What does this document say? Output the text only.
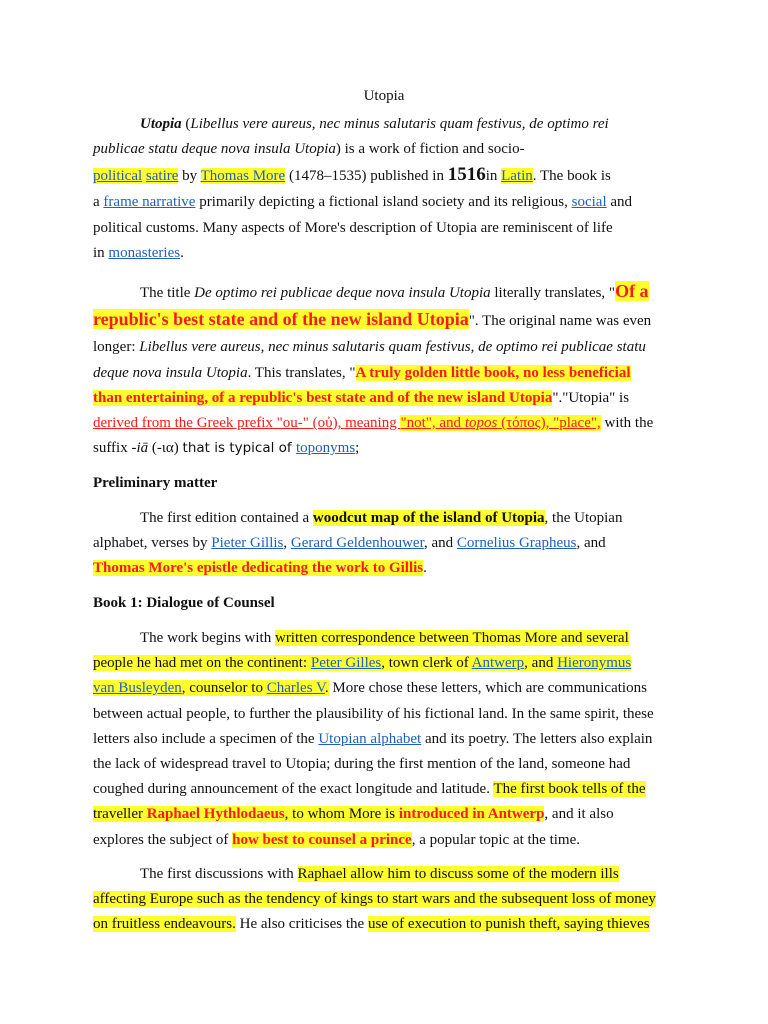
Utopia
Utopia (Libellus vere aureus, nec minus salutaris quam festivus, de optimo rei
publicae statu deque nova insula Utopia) is a work of fiction and socio-
political satire by Thomas More (1478–1535) published in 1516in Latin. The book is
a frame narrative primarily depicting a fictional island society and its religious, social and
political customs. Many aspects of More's description of Utopia are reminiscent of life
in monasteries.
The title De optimo rei publicae deque nova insula Utopia literally translates, "Of a
republic's best state and of the new island Utopia". The original name was even
longer: Libellus vere aureus, nec minus salutaris quam festivus, de optimo rei publicae statu
deque nova insula Utopia. This translates, "A truly golden little book, no less beneficial
than entertaining, of a republic's best state and of the new island Utopia"."Utopia" is
derived from the Greek prefix "ou-" (οὐ), meaning "not", and topos (τόπος), "place", with the
suffix -iā (-ια) that is typical of toponyms;
Preliminary matter
The first edition contained a woodcut map of the island of Utopia, the Utopian
alphabet, verses by Pieter Gillis, Gerard Geldenhouwer, and Cornelius Grapheus, and
Thomas More's epistle dedicating the work to Gillis.
Book 1: Dialogue of Counsel
The work begins with written correspondence between Thomas More and several
people he had met on the continent: Peter Gilles, town clerk of Antwerp, and Hieronymus
van Busleyden, counselor to Charles V. More chose these letters, which are communications
between actual people, to further the plausibility of his fictional land. In the same spirit, these
letters also include a specimen of the Utopian alphabet and its poetry. The letters also explain
the lack of widespread travel to Utopia; during the first mention of the land, someone had
coughed during announcement of the exact longitude and latitude. The first book tells of the
traveller Raphael Hythlodaeus, to whom More is introduced in Antwerp, and it also
explores the subject of how best to counsel a prince, a popular topic at the time.
The first discussions with Raphael allow him to discuss some of the modern ills
affecting Europe such as the tendency of kings to start wars and the subsequent loss of money
on fruitless endeavours. He also criticises the use of execution to punish theft, saying thieves
